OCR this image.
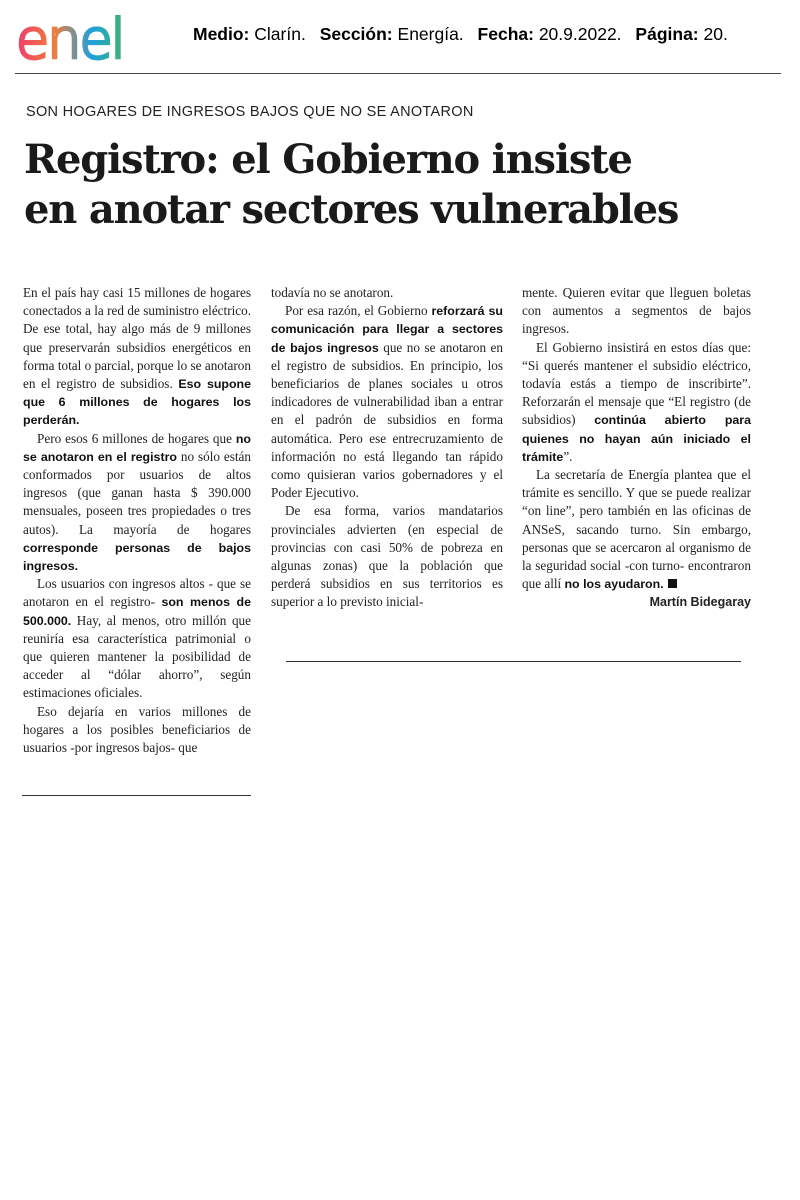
enel	Medio: Clarín. Sección: Energía. Fecha: 20.9.2022. Página: 20.
SON HOGARES DE INGRESOS BAJOS QUE NO SE ANOTARON
Registro: el Gobierno insiste
en anotar sectores vulnerables

En el país hay casi 15 millones de hogares conectados a la red de suministro eléctrico. De ese total, hay algo más de 9 millones que preservarán subsidios energéticos en forma total o parcial, porque lo se anotaron en el registro de subsidios. Eso supone que 6 millones de hogares los perderán.

Pero esos 6 millones de hogares que no se anotaron en el registro no sólo están conformados por usuarios de altos ingresos (que ganan hasta $ 390.000 mensuales, poseen tres propiedades o tres autos). La mayoría de hogares corresponde personas de bajos ingresos.

Los usuarios con ingresos altos - que se anotaron en el registro- son menos de 500.000. Hay, al menos, otro millón que reuniría esa característica patrimonial o que quieren mantener la posibilidad de acceder al “dólar ahorro”, según estimaciones oficiales.

Eso dejaría en varios millones de hogares a los posibles beneficiarios de usuarios -por ingresos bajos- que

todavía no se anotaron.

Por esa razón, el Gobierno reforzará su comunicación para llegar a sectores de bajos ingresos que no se anotaron en el registro de subsidios. En principio, los beneficiarios de planes sociales u otros indicadores de vulnerabilidad iban a entrar en el padrón de subsidios en forma automática. Pero ese entrecruzamiento de información no está llegando tan rápido como quisieran varios gobernadores y el Poder Ejecutivo.

De esa forma, varios mandatarios provinciales advierten (en especial de provincias con casi 50% de pobreza en algunas zonas) que la población que perderá subsidios en sus territorios es superior a lo previsto inicial-

mente. Quieren evitar que lleguen boletas con aumentos a segmentos de bajos ingresos.

El Gobierno insistirá en estos días que: “Si querés mantener el subsidio eléctrico, todavía estás a tiempo de inscribirte”. Reforzarán el mensaje que “El registro (de subsidios) continúa abierto para quienes no hayan aún iniciado el trámite”.

La secretaría de Energía plantea que el trámite es sencillo. Y que se puede realizar “on line”, pero también en las oficinas de ANSeS, sacando turno. Sin embargo, personas que se acercaron al organismo de la seguridad social -con turno- encontraron que allí no los ayudaron.

Martín Bidegaray
